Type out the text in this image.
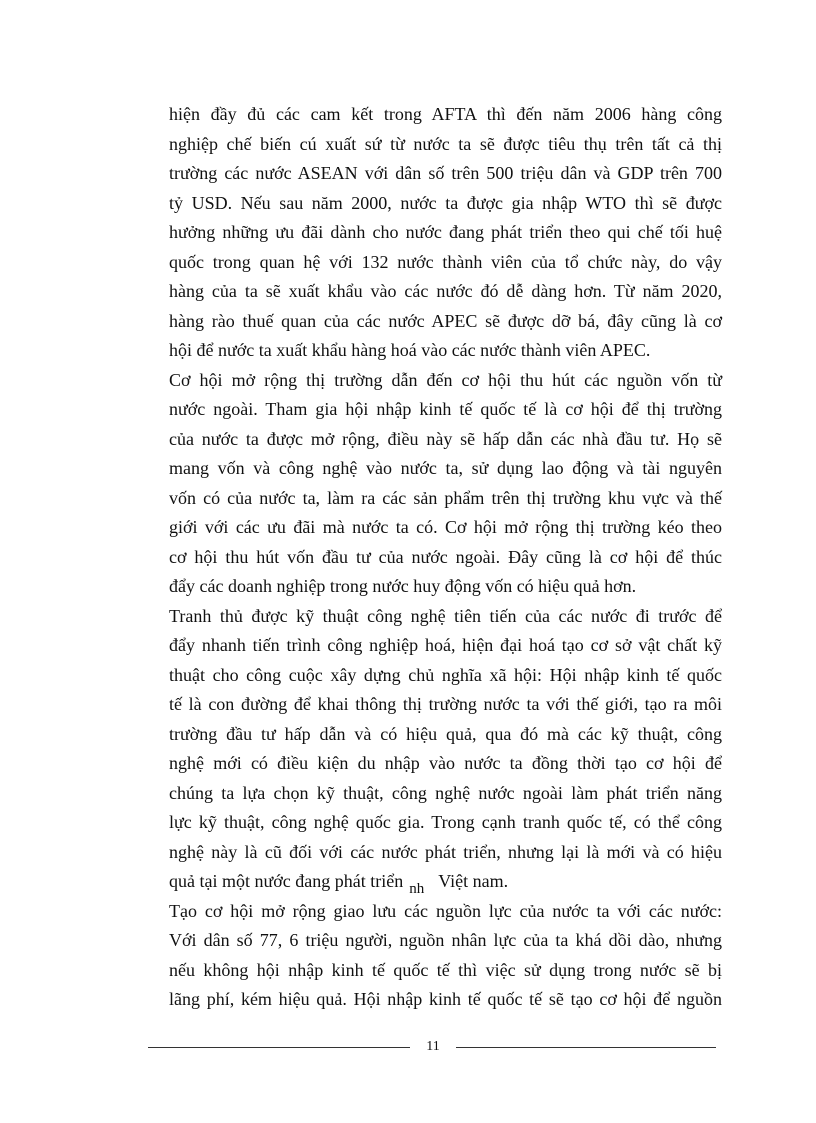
hiện đầy đủ các cam kết trong AFTA thì đến năm 2006 hàng công
nghiệp chế biến cú xuất sứ từ nước ta sẽ được tiêu thụ trên tất cả thị
trường các nước ASEAN với dân số trên 500 triệu dân và GDP trên 700
tỷ USD. Nếu sau năm 2000, nước ta được gia nhập WTO thì sẽ được
hưởng những ưu đãi dành cho nước đang phát triển theo qui chế tối huệ
quốc trong quan hệ với 132 nước thành viên của tổ chức này, do vậy
hàng của ta sẽ xuất khẩu vào các nước đó dễ dàng hơn. Từ năm 2020,
hàng rào thuế quan của các nước APEC sẽ được dỡ bá, đây cũng là cơ
hội để nước ta xuất khẩu hàng hoá vào các nước thành viên APEC.
Cơ hội mở rộng thị trường dẫn đến cơ hội thu hút các nguồn vốn từ
nước ngoài. Tham gia hội nhập kinh tế quốc tế là cơ hội để thị trường
của nước ta được mở rộng, điều này sẽ hấp dẫn các nhà đầu tư. Họ sẽ
mang vốn và công nghệ vào nước ta, sử dụng lao động và tài nguyên
vốn có của nước ta, làm ra các sản phẩm trên thị trường khu vực và thế
giới với các ưu đãi mà nước ta có. Cơ hội mở rộng thị trường kéo theo
cơ hội thu hút vốn đầu tư của nước ngoài. Đây cũng là cơ hội để thúc
đẩy các doanh nghiệp trong nước huy động vốn có hiệu quả hơn.
Tranh thủ được kỹ thuật công nghệ tiên tiến của các nước đi trước để
đẩy nhanh tiến trình công nghiệp hoá, hiện đại hoá tạo cơ sở vật chất kỹ
thuật cho công cuộc xây dựng chủ nghĩa xã hội: Hội nhập kinh tế quốc
tế là con đường để khai thông thị trường nước ta với thế giới, tạo ra môi
trường đầu tư hấp dẫn và có hiệu quả, qua đó mà các kỹ thuật, công
nghệ mới có điều kiện du nhập vào nước ta đồng thời tạo cơ hội để
chúng ta lựa chọn kỹ thuật, công nghệ nước ngoài làm phát triển năng
lực kỹ thuật, công nghệ quốc gia. Trong cạnh tranh quốc tế, có thể công
nghệ này là cũ đối với các nước phát triển, nhưng lại là mới và có hiệu
quả tại một nước đang phát triển $_{nh}$ Việt nam.
Tạo cơ hội mở rộng giao lưu các nguồn lực của nước ta với các nước:
Với dân số 77, 6 triệu người, nguồn nhân lực của ta khá dồi dào, nhưng
nếu không hội nhập kinh tế quốc tế thì việc sử dụng trong nước sẽ bị
lãng phí, kém hiệu quả. Hội nhập kinh tế quốc tế sẽ tạo cơ hội để nguồn
11
